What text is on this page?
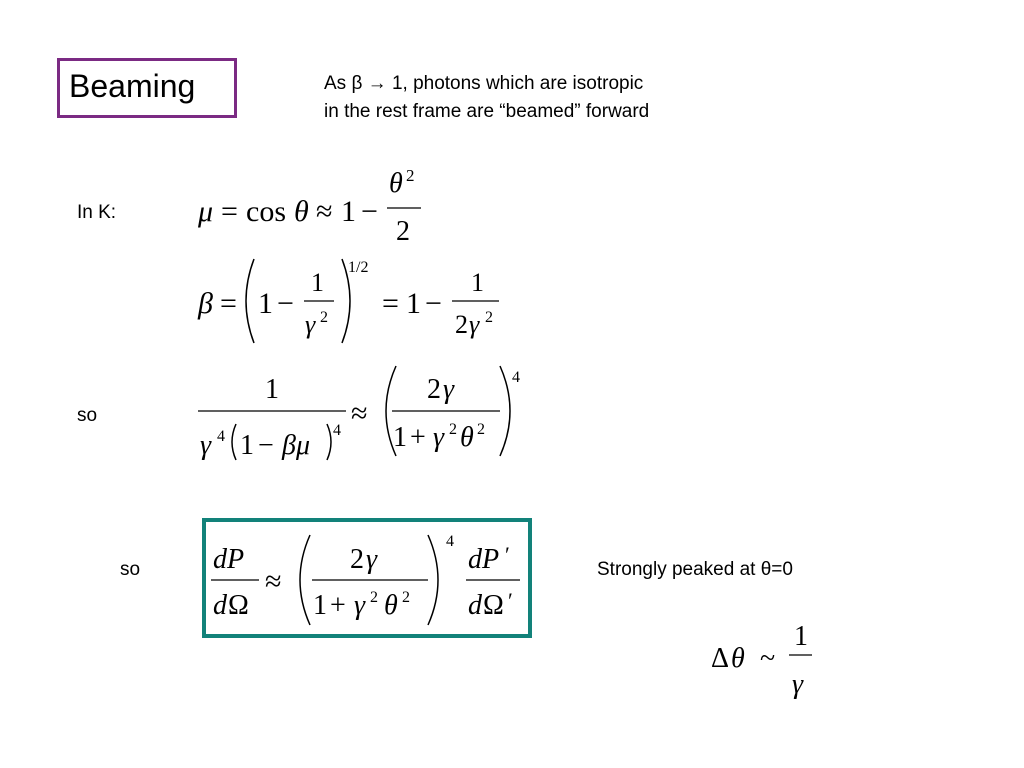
Beaming	As β → 1, photons which are isotropic
in the rest frame are “beamed” forward
In K:
so
so	Strongly peaked at θ=0
μ = cos θ ≈ 1 −
θ 2
2
β = 1 −
1
γ 2
1/2
= 1 −
1
2 γ 2
1
γ 4 1 − βμ 4
≈
2 γ
1 + γ 2 θ 2
4
dP
d Ω
≈
2 γ
1 + γ 2 θ 2
4
dP ′
d Ω ′
Δ θ ~
1
γ
